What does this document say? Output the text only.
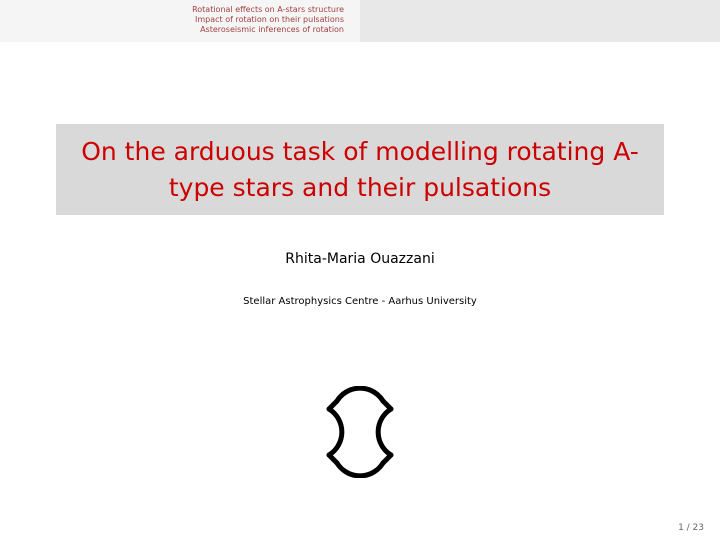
Rotational effects on A-stars structure
Impact of rotation on their pulsations
Asteroseismic inferences of rotation
On the arduous task of modelling rotating A-type stars and their pulsations
Rhita-Maria Ouazzani
Stellar Astrophysics Centre - Aarhus University
1 / 23
